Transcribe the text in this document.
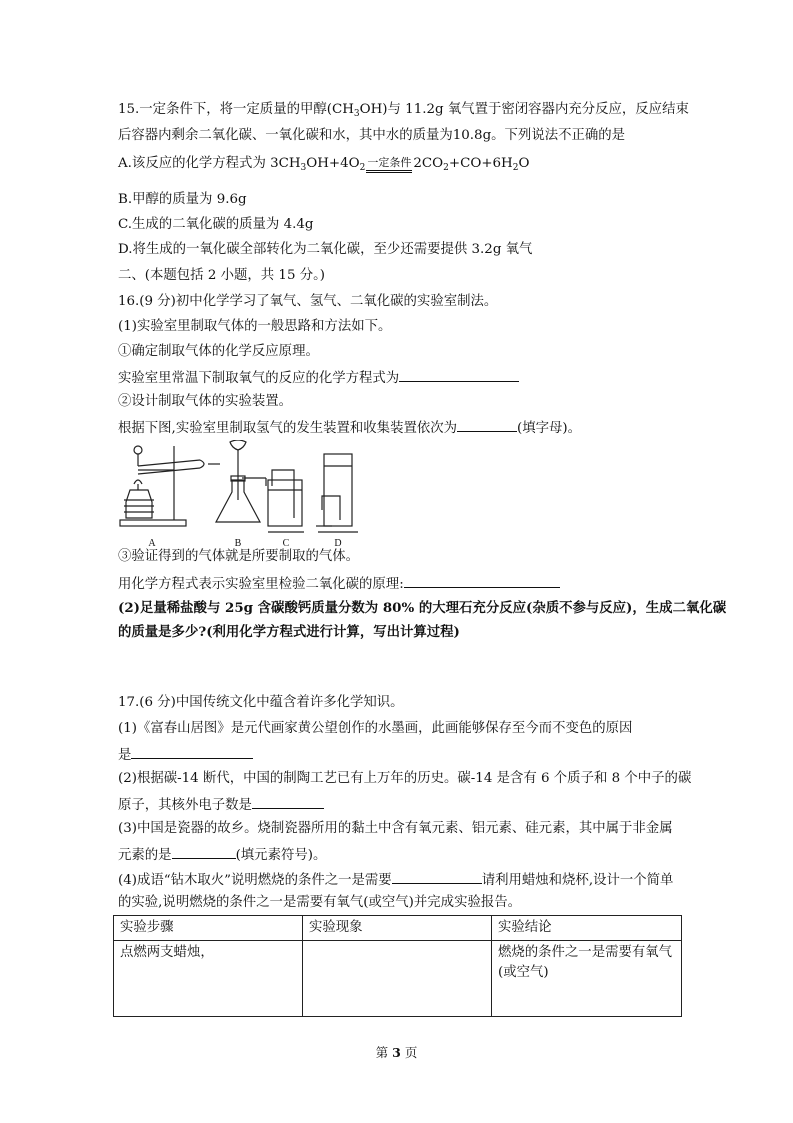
15.一定条件下，将一定质量的甲醇$(CH_3OH)$与 11.2g 氧气置于密闭容器内充分反应，反应结束
后容器内剩余二氧化碳、一氧化碳和水，其中水的质量为10.8g。下列说法不正确的是
A.该反应的化学方程式为 $3CH_3OH+4O_2$ 一定条件 $2CO_2+CO+6H_2O$
B.甲醇的质量为 9.6g
C.生成的二氧化碳的质量为 4.4g
D.将生成的一氧化碳全部转化为二氧化碳，至少还需要提供 3.2g 氧气
二、(本题包括 2 小题，共 15 分。)
16.(9 分)初中化学学习了氧气、氢气、二氧化碳的实验室制法。
(1)实验室里制取气体的一般思路和方法如下。
①确定制取气体的化学反应原理。
实验室里常温下制取氧气的反应的化学方程式为
②设计制取气体的实验装置。
根据下图,实验室里制取氢气的发生装置和收集装置依次为	(填字母)。
A	B	C	D
③验证得到的气体就是所要制取的气体。
用化学方程式表示实验室里检验二氧化碳的原理:
(2)足量稀盐酸与 25g 含碳酸钙质量分数为 80% 的大理石充分反应(杂质不参与反应)，生成二氧化碳
的质量是多少?(利用化学方程式进行计算，写出计算过程)
17.(6 分)中国传统文化中蕴含着许多化学知识。
(1)《富春山居图》是元代画家黄公望创作的水墨画，此画能够保存至今而不变色的原因
是
(2)根据碳-14 断代，中国的制陶工艺已有上万年的历史。碳-14 是含有 6 个质子和 8 个中子的碳
原子，其核外电子数是
(3)中国是瓷器的故乡。烧制瓷器所用的黏土中含有氧元素、铝元素、硅元素，其中属于非金属
元素的是	(填元素符号)。
(4)成语“钻木取火”说明燃烧的条件之一是需要	请利用蜡烛和烧杯,设计一个简单
的实验,说明燃烧的条件之一是需要有氧气(或空气)并完成实验报告。
实验步骤	实验现象	实验结论
点燃两支蜡烛，		燃烧的条件之一是需要有氧气(或空气)
第 3 页
